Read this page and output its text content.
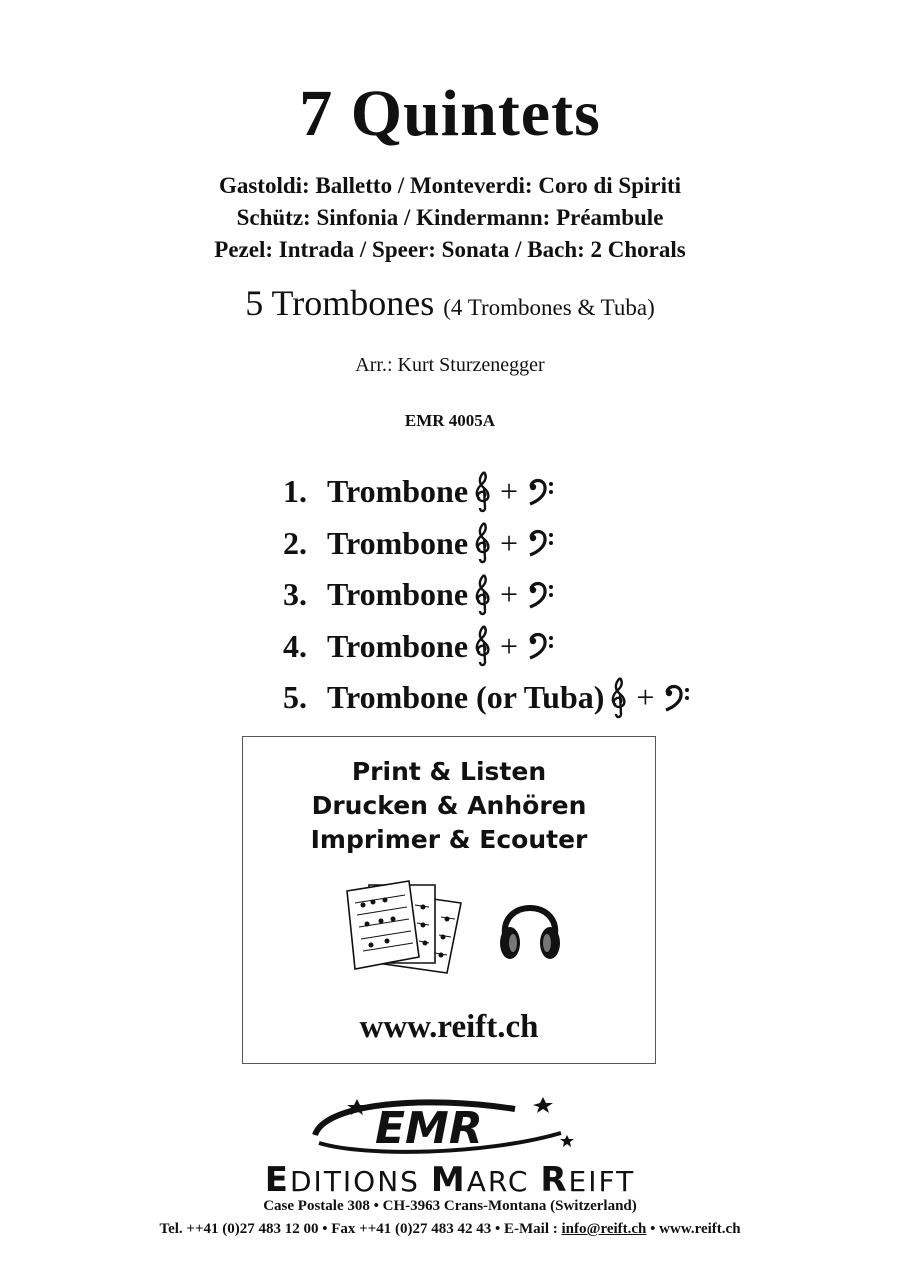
7 Quintets
Gastoldi: Balletto / Monteverdi: Coro di Spiriti
Schütz: Sinfonia / Kindermann: Préambule
Pezel: Intrada / Speer: Sonata / Bach: 2 Chorals
5 Trombones (4 Trombones & Tuba)
Arr.: Kurt Sturzenegger
EMR 4005A
1. Trombone +
2. Trombone +
3. Trombone +
4. Trombone +
5. Trombone (or Tuba) +
Print & Listen
Drucken & Anhören
Imprimer & Ecouter
www.reift.ch
EMR
EDITIONS MARC REIFT
Case Postale 308 • CH-3963 Crans-Montana (Switzerland)
Tel. ++41 (0)27 483 12 00 • Fax ++41 (0)27 483 42 43 • E-Mail : info@reift.ch • www.reift.ch
